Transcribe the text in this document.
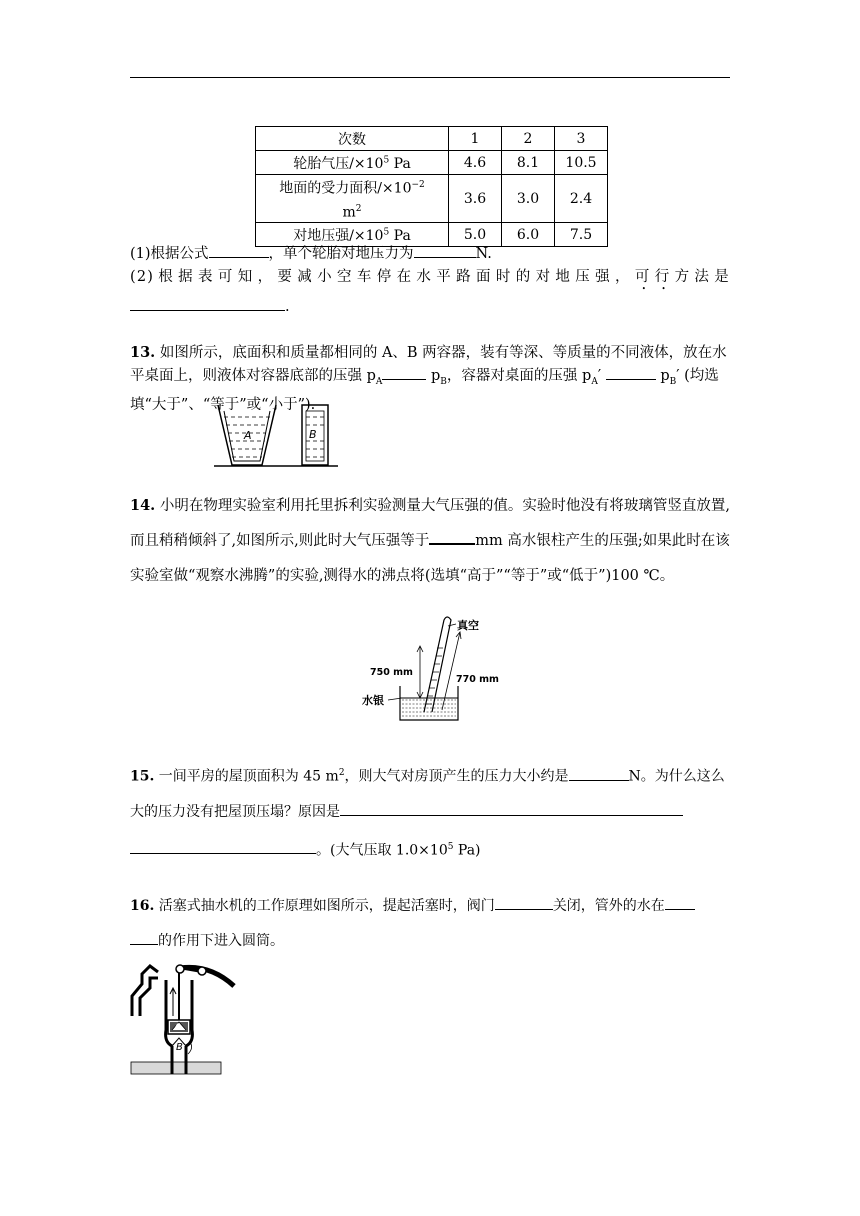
次数	1	2	3
轮胎气压$/\times 10^5$ Pa	4.6	8.1	10.5
地面的受力面积$/\times 10^{-2}$
$m^2$	3.6	3.0	2.4
对地压强$/\times 10^5$ Pa	5.0	6.0	7.5
(1)根据公式	，单个轮胎对地压力为	N.
(2)根据表可知，要减小空车停在水平路面时的对地压强，可行方法是
.
13. 如图所示，底面积和质量都相同的 A、B 两容器，装有等深、等质量的不同液体，放在水平桌面上，则液体对容器底部的压强 $p_A$	$p_B$，容器对桌面的压强 $p_A'$	$p_B'$ (均选填“大于”、“等于”或“小于”).
A	B
14. 小明在物理实验室利用托里拆利实验测量大气压强的值。实验时他没有将玻璃管竖直放置,而且稍稍倾斜了,如图所示,则此时大气压强等于	mm 高水银柱产生的压强;如果此时在该实验室做“观察水沸腾”的实验,测得水的沸点将(选填“高于”“等于”或“低于”)100 ℃。
真空
750 mm
770 mm
水银
15. 一间平房的屋顶面积为 45 $m^2$，则大气对房顶产生的压力大小约是	N。为什么这么大的压力没有把屋顶压塌？原因是
。(大气压取 $1.0\times 10^5$ Pa)
16. 活塞式抽水机的工作原理如图所示，提起活塞时，阀门	关闭，管外的水在
的作用下进入圆筒。
A
B
